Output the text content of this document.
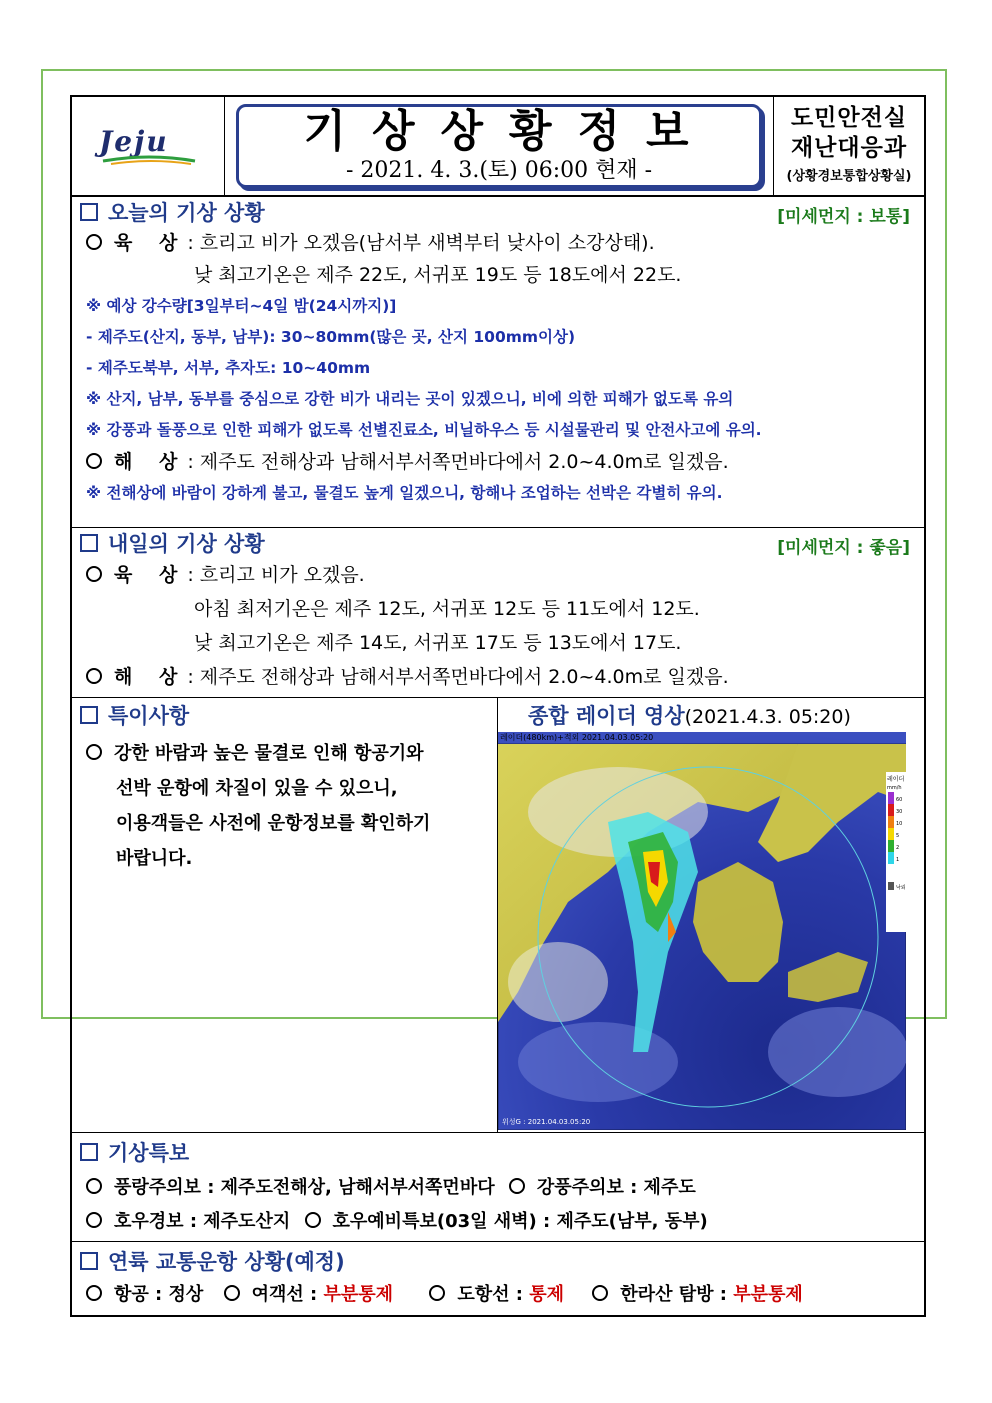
Jeju	기상상황정보
- 2021. 4. 3.(토) 06:00 현재 -
도민안전실
재난대응과
(상황경보통합상황실)
오늘의 기상 상황	[미세먼지 : 보통]
육 상: 흐리고 비가 오겠음(남서부 새벽부터 낮사이 소강상태).
낮 최고기온은 제주 22도, 서귀포 19도 등 18도에서 22도.
※ 예상 강수량[3일부터~4일 밤(24시까지)]
- 제주도(산지, 동부, 남부): 30~80mm(많은 곳, 산지 100mm이상)
- 제주도북부, 서부, 추자도: 10~40mm
※ 산지, 남부, 동부를 중심으로 강한 비가 내리는 곳이 있겠으니, 비에 의한 피해가 없도록 유의
※ 강풍과 돌풍으로 인한 피해가 없도록 선별진료소, 비닐하우스 등 시설물관리 및 안전사고에 유의.
해 상: 제주도 전해상과 남해서부서쪽먼바다에서 2.0~4.0m로 일겠음.
※ 전해상에 바람이 강하게 불고, 물결도 높게 일겠으니, 항해나 조업하는 선박은 각별히 유의.
내일의 기상 상황	[미세먼지 : 좋음]
육 상: 흐리고 비가 오겠음.
아침 최저기온은 제주 12도, 서귀포 12도 등 11도에서 12도.
낮 최고기온은 제주 14도, 서귀포 17도 등 13도에서 17도.
해 상: 제주도 전해상과 남해서부서쪽먼바다에서 2.0~4.0m로 일겠음.
특이사항
강한 바람과 높은 물결로 인해 항공기와
선박 운항에 차질이 있을 수 있으니,
이용객들은 사전에 운항정보를 확인하기
바랍니다.
종합 레이더 영상(2021.4.3. 05:20)
레이더
mm/h
60
30
10
5
2
1
낙뢰
위성G : 2021.04.03.05:20
레이더(480km)+적외 2021.04.03.05:20
기상특보
풍랑주의보 : 제주도전해상, 남해서부서쪽먼바다 강풍주의보 : 제주도
호우경보 : 제주도산지 호우예비특보(03일 새벽) : 제주도(남부, 동부)
연륙 교통운항 상황(예정)
항공 : 정상	여객선 : 부분통제	도항선 : 통제	한라산 탐방 : 부분통제
